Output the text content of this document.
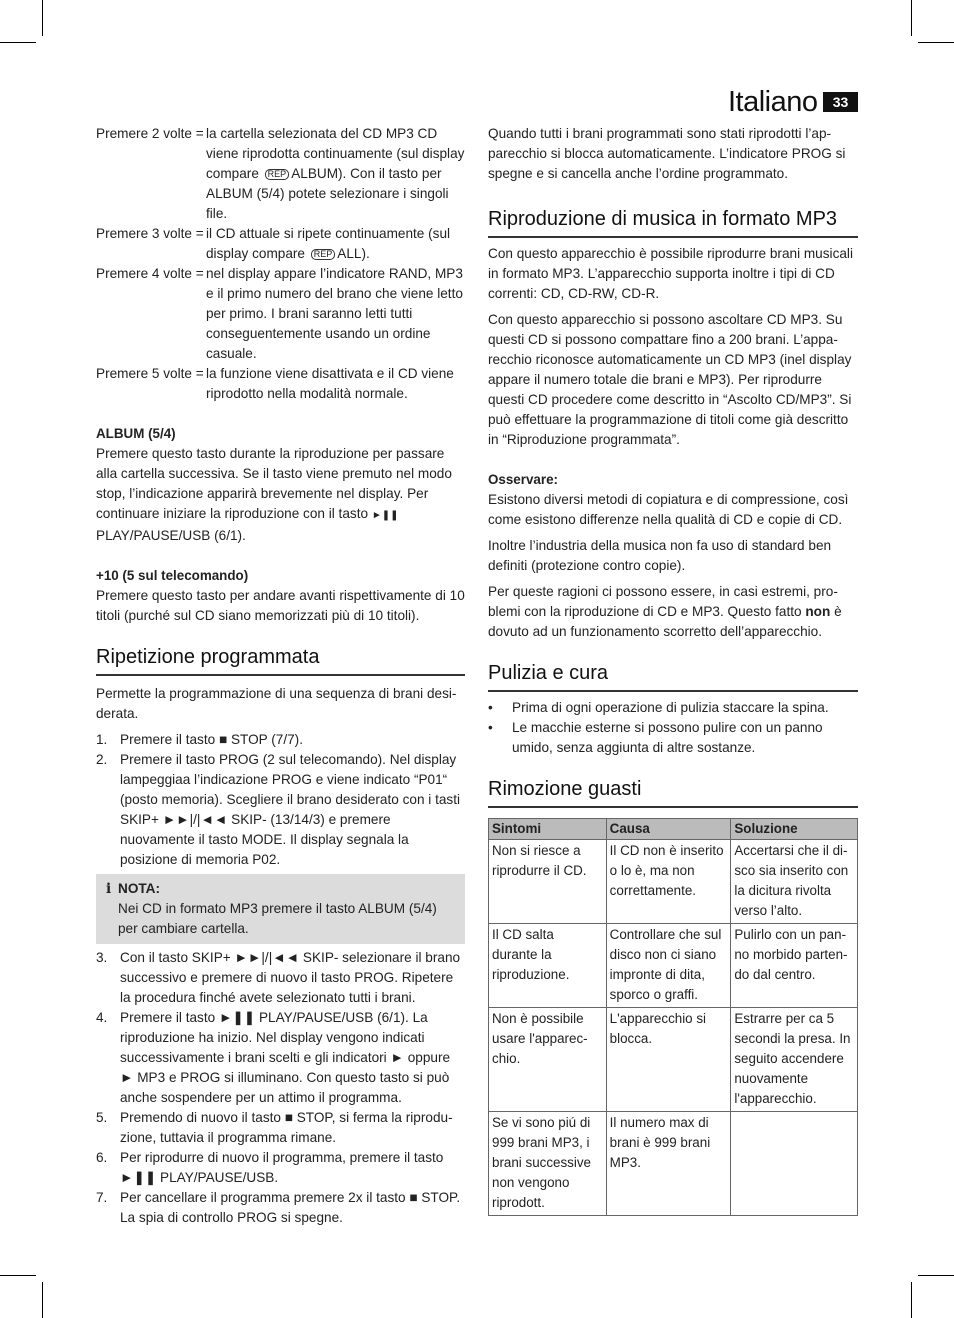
Italiano	33
Premere 2 volte = la cartella selezionata del CD MP3 CD viene riprodotta continuamente (sul display compare REP ALBUM). Con il tasto per ALBUM (5/4) potete selezionare i singoli file.
Premere 3 volte = il CD attuale si ripete continuamente (sul display compare REP ALL).
Premere 4 volte = nel display appare l’indicatore RAND, MP3 e il primo numero del brano che viene letto per primo. I brani saranno letti tutti conseguentemente usando un ordine casuale.
Premere 5 volte = la funzione viene disattivata e il CD viene riprodotto nella modalità normale.
ALBUM (5/4)

Premere questo tasto durante la riproduzione per passare alla cartella successiva. Se il tasto viene premuto nel modo stop, l’indicazione apparirà brevemente nel display. Per continuare iniziare la riproduzione con il tasto ►❚❚ PLAY/PAUSE/USB (6/1).

+10 (5 sul telecomando)

Premere questo tasto per andare avanti rispettivamente di 10 titoli (purché sul CD siano memorizzati più di 10 titoli).

Ripetizione programmata

Permette la programmazione di una sequenza di brani desiderata.

1. Premere il tasto ■ STOP (7/7).
2. Premere il tasto PROG (2 sul telecomando). Nel display lampeggiaa l’indicazione PROG e viene indicato “P01“ (posto memoria). Scegliere il brano desiderato con i tasti SKIP+ ►►|/|◄◄ SKIP- (13/14/3) e premere nuovamente il tasto MODE. Il display segnala la posizione di memoria P02.
i NOTA:
Nei CD in formato MP3 premere il tasto ALBUM (5/4) per cambiare cartella.
3. Con il tasto SKIP+ ►►|/|◄◄ SKIP- selezionare il brano successivo e premere di nuovo il tasto PROG. Ripetere la procedura finché avete selezionato tutti i brani.
4. Premere il tasto ►❚❚ PLAY/PAUSE/USB (6/1). La riproduzione ha inizio. Nel display vengono indicati successivamente i brani scelti e gli indicatori ► oppure ► MP3 e PROG si illuminano. Con questo tasto si può anche sospendere per un attimo il programma.
5. Premendo di nuovo il tasto ■ STOP, si ferma la riproduzione, tuttavia il programma rimane.
6. Per riprodurre di nuovo il programma, premere il tasto ►❚❚ PLAY/PAUSE/USB.
7. Per cancellare il programma premere 2x il tasto ■ STOP. La spia di controllo PROG si spegne.

Quando tutti i brani programmati sono stati riprodotti l’apparecchio si blocca automaticamente. L’indicatore PROG si spegne e si cancella anche l’ordine programmato.

Riproduzione di musica in formato MP3

Con questo apparecchio è possibile riprodurre brani musicali in formato MP3. L’apparecchio supporta inoltre i tipi di CD correnti: CD, CD-RW, CD-R.

Con questo apparecchio si possono ascoltare CD MP3. Su questi CD si possono compattare fino a 200 brani. L’apparecchio riconosce automaticamente un CD MP3 (inel display appare il numero totale die brani e MP3). Per riprodurre questi CD procedere come descritto in “Ascolto CD/MP3”. Si può effettuare la programmazione di titoli come già descritto in “Riproduzione programmata”.

Osservare:

Esistono diversi metodi di copiatura e di compressione, così come esistono differenze nella qualità di CD e copie di CD.

Inoltre l’industria della musica non fa uso di standard ben definiti (protezione contro copie).

Per queste ragioni ci possono essere, in casi estremi, problemi con la riproduzione di CD e MP3. Questo fatto non è dovuto ad un funzionamento scorretto dell’apparecchio.

Pulizia e cura
•	Prima di ogni operazione di pulizia staccare la spina.
•	Le macchie esterne si possono pulire con un panno umido, senza aggiunta di altre sostanze.
Rimozione guasti
Sintomi	Causa	Soluzione
Non si riesce a riprodurre il CD.	Il CD non è inserito o lo è, ma non correttamente.	Accertarsi che il disco sia inserito con la dicitura rivolta verso l’alto.
Il CD salta durante la riproduzione.	Controllare che sul disco non ci siano impronte di dita, sporco o graffi.	Pulirlo con un panno morbido partendo dal centro.
Non è possibile usare l'apparecchio.	L'apparecchio si blocca.	Estrarre per ca 5 secondi la presa. In seguito accendere nuovamente l'apparecchio.
Se vi sono piú di 999 brani MP3, i brani successive non vengono riprodott.	Il numero max di brani è 999 brani MP3.	
